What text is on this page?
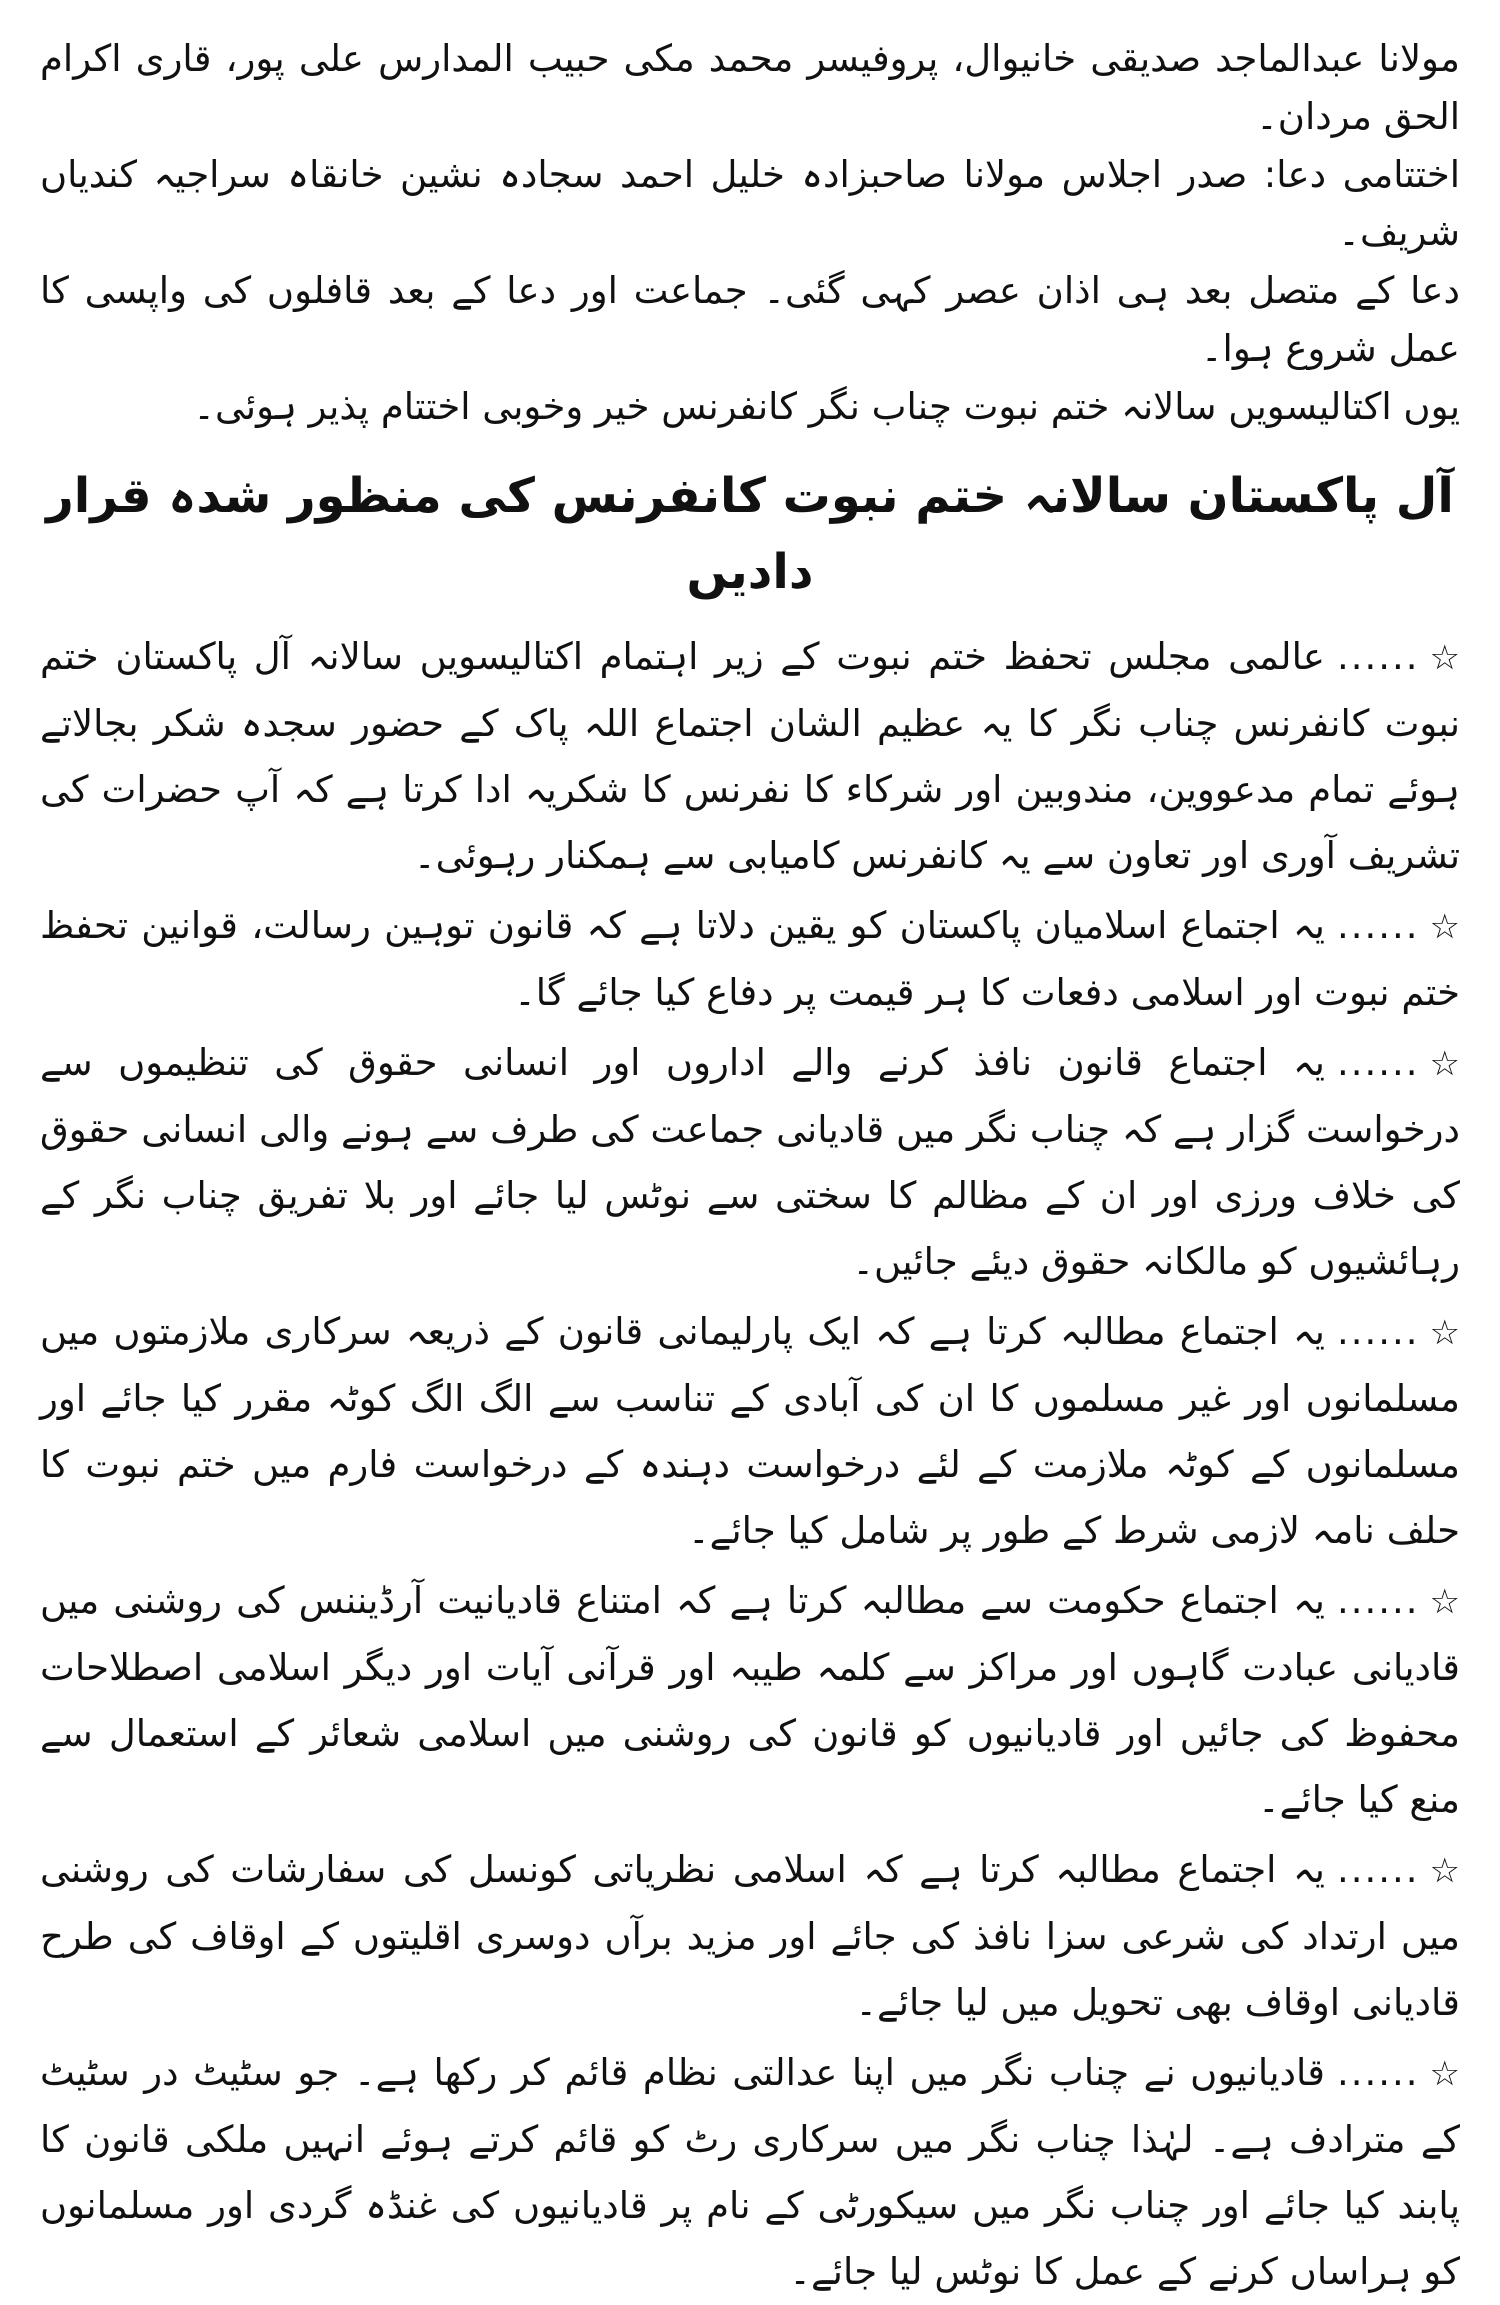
مولانا عبدالماجد صدیقی خانیوال، پروفیسر محمد مکی حبیب المدارس علی پور، قاری اکرام الحق مردان۔

اختتامی دعا: صدر اجلاس مولانا صاحبزادہ خلیل احمد سجادہ نشین خانقاہ سراجیہ کندیاں شریف۔

دعا کے متصل بعد ہی اذان عصر کہی گئی۔ جماعت اور دعا کے بعد قافلوں کی واپسی کا عمل شروع ہوا۔

یوں اکتالیسویں سالانہ ختم نبوت چناب نگر کانفرنس خیر وخوبی اختتام پذیر ہوئی۔

آل پاکستان سالانہ ختم نبوت کانفرنس کی منظور شدہ قرار دادیں

☆......عالمی مجلس تحفظ ختم نبوت کے زیر اہتمام اکتالیسویں سالانہ آل پاکستان ختم نبوت کانفرنس چناب نگر کا یہ عظیم الشان اجتماع اللہ پاک کے حضور سجدہ شکر بجالاتے ہوئے تمام مدعووین، مندوبین اور شرکاء کا نفرنس کا شکریہ ادا کرتا ہے کہ آپ حضرات کی تشریف آوری اور تعاون سے یہ کانفرنس کامیابی سے ہمکنار رہوئی۔

☆......یہ اجتماع اسلامیان پاکستان کو یقین دلاتا ہے کہ قانون توہین رسالت، قوانین تحفظ ختم نبوت اور اسلامی دفعات کا ہر قیمت پر دفاع کیا جائے گا۔

☆......یہ اجتماع قانون نافذ کرنے والے اداروں اور انسانی حقوق کی تنظیموں سے درخواست گزار ہے کہ چناب نگر میں قادیانی جماعت کی طرف سے ہونے والی انسانی حقوق کی خلاف ورزی اور ان کے مظالم کا سختی سے نوٹس لیا جائے اور بلا تفریق چناب نگر کے رہائشیوں کو مالکانہ حقوق دیئے جائیں۔

☆......یہ اجتماع مطالبہ کرتا ہے کہ ایک پارلیمانی قانون کے ذریعہ سرکاری ملازمتوں میں مسلمانوں اور غیر مسلموں کا ان کی آبادی کے تناسب سے الگ الگ کوٹہ مقرر کیا جائے اور مسلمانوں کے کوٹہ ملازمت کے لئے درخواست دہندہ کے درخواست فارم میں ختم نبوت کا حلف نامہ لازمی شرط کے طور پر شامل کیا جائے۔

☆......یہ اجتماع حکومت سے مطالبہ کرتا ہے کہ امتناع قادیانیت آرڈیننس کی روشنی میں قادیانی عبادت گاہوں اور مراکز سے کلمہ طیبہ اور قرآنی آیات اور دیگر اسلامی اصطلاحات محفوظ کی جائیں اور قادیانیوں کو قانون کی روشنی میں اسلامی شعائر کے استعمال سے منع کیا جائے۔

☆......یہ اجتماع مطالبہ کرتا ہے کہ اسلامی نظریاتی کونسل کی سفارشات کی روشنی میں ارتداد کی شرعی سزا نافذ کی جائے اور مزید برآں دوسری اقلیتوں کے اوقاف کی طرح قادیانی اوقاف بھی تحویل میں لیا جائے۔

☆......قادیانیوں نے چناب نگر میں اپنا عدالتی نظام قائم کر رکھا ہے۔ جو سٹیٹ در سٹیٹ کے مترادف ہے۔ لہٰذا چناب نگر میں سرکاری رٹ کو قائم کرتے ہوئے انہیں ملکی قانون کا پابند کیا جائے اور چناب نگر میں سیکورٹی کے نام پر قادیانیوں کی غنڈہ گردی اور مسلمانوں کو ہراساں کرنے کے عمل کا نوٹس لیا جائے۔
